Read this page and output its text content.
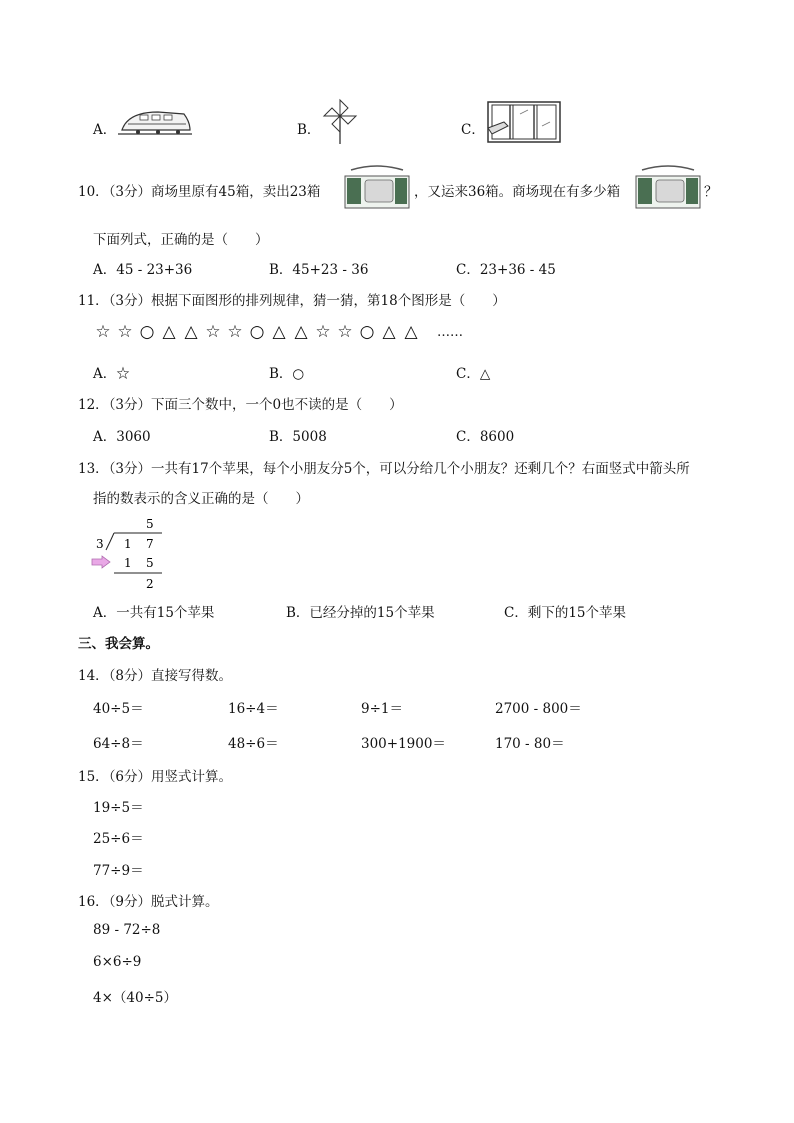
A．	B．	C．
10．（3分）商场里原有45箱，卖出23箱	，又运来36箱。商场现在有多少箱	？
下面列式，正确的是（　　）
A．45 - 23+36	B．45+23 - 36	C．23+36 - 45
11．（3分）根据下面图形的排列规律，猜一猜，第18个图形是（　　）
☆ ☆ ○ △ △ ☆ ☆ ○ △ △ ☆ ☆ ○ △ △ ……
A．☆	B．○	C．△
12．（3分）下面三个数中，一个0也不读的是（　　）
A．3060	B．5008	C．8600
13．（3分）一共有17个苹果，每个小朋友分5个，可以分给几个小朋友？还剩几个？右面竖式中箭头所
指的数表示的含义正确的是（　　）
5
3 1 7
1 5
2
A．一共有15个苹果	B．已经分掉的15个苹果	C．剩下的15个苹果
三、我会算。
14．（8分）直接写得数。
40÷5＝	16÷4＝	9÷1＝	2700 - 800＝
64÷8＝	48÷6＝	300+1900＝	170 - 80＝
15．（6分）用竖式计算。
19÷5＝
25÷6＝
77÷9＝
16．（9分）脱式计算。
89 - 72÷8
6×6÷9
4×（40÷5）
